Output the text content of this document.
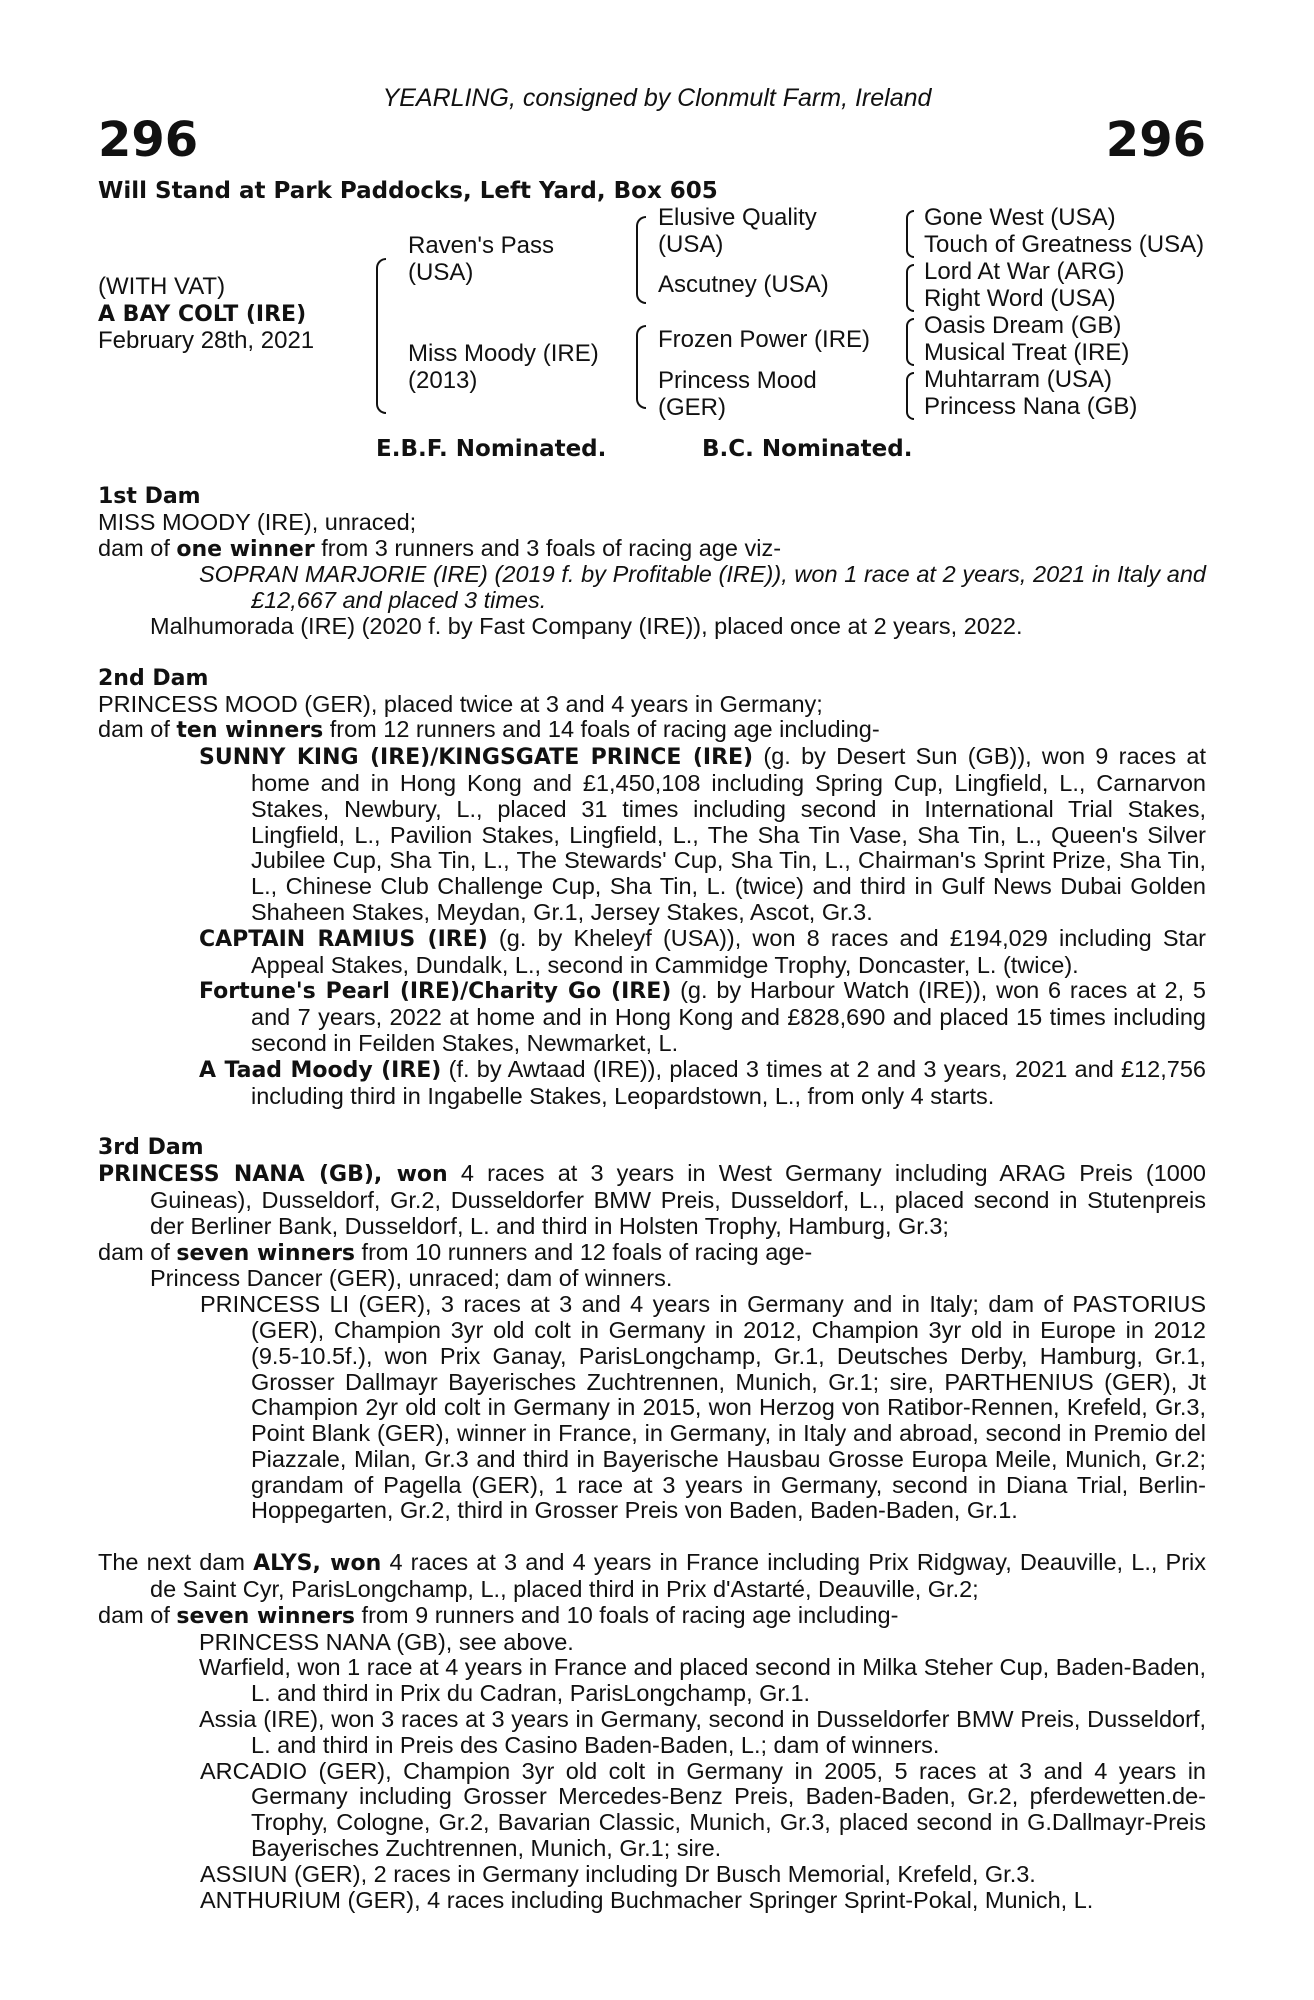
YEARLING, consigned by Clonmult Farm, Ireland
296	296
Will Stand at Park Paddocks, Left Yard, Box 605
(WITH VAT)
A BAY COLT (IRE)
February 28th, 2021
Raven's Pass
(USA)
Miss Moody (IRE)
(2013)
Elusive Quality
(USA)
Ascutney (USA)
Frozen Power (IRE)
Princess Mood
(GER)
Gone West (USA)
Touch of Greatness (USA)
Lord At War (ARG)
Right Word (USA)
Oasis Dream (GB)
Musical Treat (IRE)
Muhtarram (USA)
Princess Nana (GB)
E.B.F. Nominated.	B.C. Nominated.
1st Dam
MISS MOODY (IRE), unraced;
dam of one winner from 3 runners and 3 foals of racing age viz-
SOPRAN MARJORIE (IRE) (2019 f. by Profitable (IRE)), won 1 race at 2 years, 2021 in Italy and £12,667 and placed 3 times.
Malhumorada (IRE) (2020 f. by Fast Company (IRE)), placed once at 2 years, 2022.
2nd Dam
PRINCESS MOOD (GER), placed twice at 3 and 4 years in Germany;
dam of ten winners from 12 runners and 14 foals of racing age including-
SUNNY KING (IRE)/KINGSGATE PRINCE (IRE) (g. by Desert Sun (GB)), won 9 races at home and in Hong Kong and £1,450,108 including Spring Cup, Lingfield, L., Carnarvon Stakes, Newbury, L., placed 31 times including second in International Trial Stakes, Lingfield, L., Pavilion Stakes, Lingfield, L., The Sha Tin Vase, Sha Tin, L., Queen's Silver Jubilee Cup, Sha Tin, L., The Stewards' Cup, Sha Tin, L., Chairman's Sprint Prize, Sha Tin, L., Chinese Club Challenge Cup, Sha Tin, L. (twice) and third in Gulf News Dubai Golden Shaheen Stakes, Meydan, Gr.1, Jersey Stakes, Ascot, Gr.3.
CAPTAIN RAMIUS (IRE) (g. by Kheleyf (USA)), won 8 races and £194,029 including Star Appeal Stakes, Dundalk, L., second in Cammidge Trophy, Doncaster, L. (twice).
Fortune's Pearl (IRE)/Charity Go (IRE) (g. by Harbour Watch (IRE)), won 6 races at 2, 5 and 7 years, 2022 at home and in Hong Kong and £828,690 and placed 15 times including second in Feilden Stakes, Newmarket, L.
A Taad Moody (IRE) (f. by Awtaad (IRE)), placed 3 times at 2 and 3 years, 2021 and £12,756 including third in Ingabelle Stakes, Leopardstown, L., from only 4 starts.
3rd Dam
PRINCESS NANA (GB), won 4 races at 3 years in West Germany including ARAG Preis (1000 Guineas), Dusseldorf, Gr.2, Dusseldorfer BMW Preis, Dusseldorf, L., placed second in Stutenpreis der Berliner Bank, Dusseldorf, L. and third in Holsten Trophy, Hamburg, Gr.3;
dam of seven winners from 10 runners and 12 foals of racing age-
Princess Dancer (GER), unraced; dam of winners.
PRINCESS LI (GER), 3 races at 3 and 4 years in Germany and in Italy; dam of PASTORIUS (GER), Champion 3yr old colt in Germany in 2012, Champion 3yr old in Europe in 2012 (9.5-10.5f.), won Prix Ganay, ParisLongchamp, Gr.1, Deutsches Derby, Hamburg, Gr.1, Grosser Dallmayr Bayerisches Zuchtrennen, Munich, Gr.1; sire, PARTHENIUS (GER), Jt Champion 2yr old colt in Germany in 2015, won Herzog von Ratibor-Rennen, Krefeld, Gr.3, Point Blank (GER), winner in France, in Germany, in Italy and abroad, second in Premio del Piazzale, Milan, Gr.3 and third in Bayerische Hausbau Grosse Europa Meile, Munich, Gr.2; grandam of Pagella (GER), 1 race at 3 years in Germany, second in Diana Trial, Berlin-Hoppegarten, Gr.2, third in Grosser Preis von Baden, Baden-Baden, Gr.1.
The next dam ALYS, won 4 races at 3 and 4 years in France including Prix Ridgway, Deauville, L., Prix de Saint Cyr, ParisLongchamp, L., placed third in Prix d'Astarté, Deauville, Gr.2;
dam of seven winners from 9 runners and 10 foals of racing age including-
PRINCESS NANA (GB), see above.
Warfield, won 1 race at 4 years in France and placed second in Milka Steher Cup, Baden-Baden, L. and third in Prix du Cadran, ParisLongchamp, Gr.1.
Assia (IRE), won 3 races at 3 years in Germany, second in Dusseldorfer BMW Preis, Dusseldorf, L. and third in Preis des Casino Baden-Baden, L.; dam of winners.
ARCADIO (GER), Champion 3yr old colt in Germany in 2005, 5 races at 3 and 4 years in Germany including Grosser Mercedes-Benz Preis, Baden-Baden, Gr.2, pferdewetten.de-Trophy, Cologne, Gr.2, Bavarian Classic, Munich, Gr.3, placed second in G.Dallmayr-Preis Bayerisches Zuchtrennen, Munich, Gr.1; sire.
ASSIUN (GER), 2 races in Germany including Dr Busch Memorial, Krefeld, Gr.3.
ANTHURIUM (GER), 4 races including Buchmacher Springer Sprint-Pokal, Munich, L.
